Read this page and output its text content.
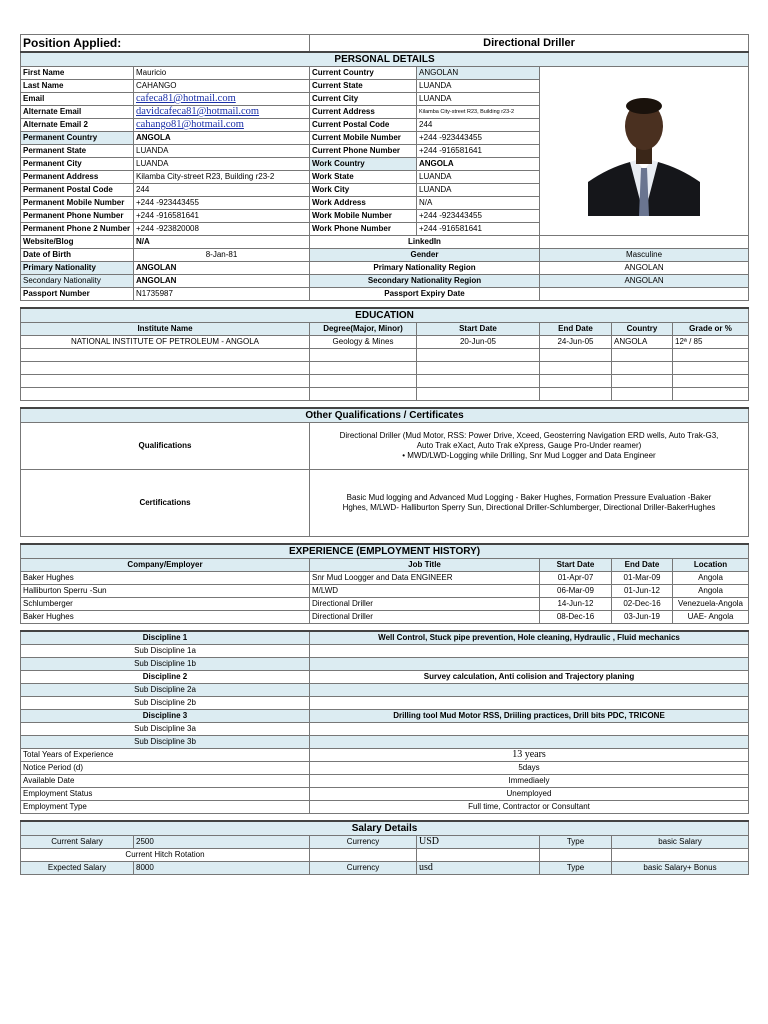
Position Applied:		Directional Driller		
PERSONAL DETAILS				
First Name	Mauricio	Current Country	ANGOLAN	
Last Name	CAHANGO	Current State	LUANDA	
Email	cafeca81@hotmail.com	Current City	LUANDA	
Alternate Email	davidcafeca81@hotmail.com	Current Address	Kilamba City-street R23, Building r23-2	
Alternate Email 2	cahango81@hotmail.com	Current Postal Code	244	
Permanent Country	ANGOLA	Current Mobile Number	+244 -923443455	
Permanent State	LUANDA	Current Phone Number	+244 -916581641	
Permanent City	LUANDA	Work Country	ANGOLA	
Permanent Address	Kilamba City-street R23, Building r23-2	Work State	LUANDA	
Permanent Postal Code	244	Work City	LUANDA	
Permanent Mobile Number	+244 -923443455	Work Address	N/A	
Permanent Phone Number	+244 -916581641	Work Mobile Number	+244 -923443455	
Permanent Phone 2 Number	+244 -923820008	Work Phone Number	+244 -916581641	
Website/Blog	N/A	LinkedIn		
Date of Birth	8-Jan-81	Gender		Masculine
Primary Nationality	ANGOLAN	Primary Nationality Region		ANGOLAN
Secondary Nationality	ANGOLAN	Secondary Nationality Region		ANGOLAN
Passport Number	N1735987	Passport Expiry Date		
EDUCATION					
Institute Name	Degree(Major, Minor)	Start Date	End Date	Country	Grade or %
NATIONAL INSTITUTE OF PETROLEUM - ANGOLA	Geology & Mines	20-Jun-05	24-Jun-05	ANGOLA	12ª / 85

Other Qualifications / Certificates	
Qualifications	Directional Driller (Mud Motor, RSS: Power Drive, Xceed, Geosterring Navigation ERD wells, Auto Trak-G3,
Auto Trak eXact, Auto Trak eXpress, Gauge Pro-Under reamer)
• MWD/LWD-Logging while Drilling, Snr Mud Logger and Data Engineer

Certifications	Basic Mud logging and Advanced Mud Logging - Baker Hughes, Formation Pressure Evaluation -Baker
Hghes, M/LWD- Halliburton Sperry Sun, Directional Driller-Schlumberger, Directional Driller-BakerHughes
EXPERIENCE (EMPLOYMENT HISTORY)				
Company/Employer	Job Title	Start Date	End Date	Location
Baker Hughes	Snr Mud Loogger and Data ENGINEER	01-Apr-07	01-Mar-09	Angola
Halliburton Sperru -Sun	M/LWD	06-Mar-09	01-Jun-12	Angola
Schlumberger	Directional Driller	14-Jun-12	02-Dec-16	Venezuela-Angola
Baker Hughes	Directional Driller	08-Dec-16	03-Jun-19	UAE- Angola
Discipline 1	Well Control, Stuck pipe prevention, Hole cleaning, Hydraulic , Fluid mechanics
Sub Discipline 1a	
Sub Discipline 1b	
Discipline 2	Survey calculation, Anti colision and Trajectory planing
Sub Discipline 2a	
Sub Discipline 2b	
Discipline 3	Drilling tool Mud Motor RSS, Driiling practices, Drill bits PDC, TRICONE
Sub Discipline 3a	
Sub Discipline 3b	
Total Years of Experience	13 years
Notice Period (d)	5days
Available Date	Immediaely
Employment Status	Unemployed
Employment Type	Full time, Contractor or Consultant
Salary Details					
Current Salary	2500	Currency	USD	Type	basic Salary
Current Hitch Rotation					
Expected Salary	8000	Currency	usd	Type	basic Salary+ Bonus
